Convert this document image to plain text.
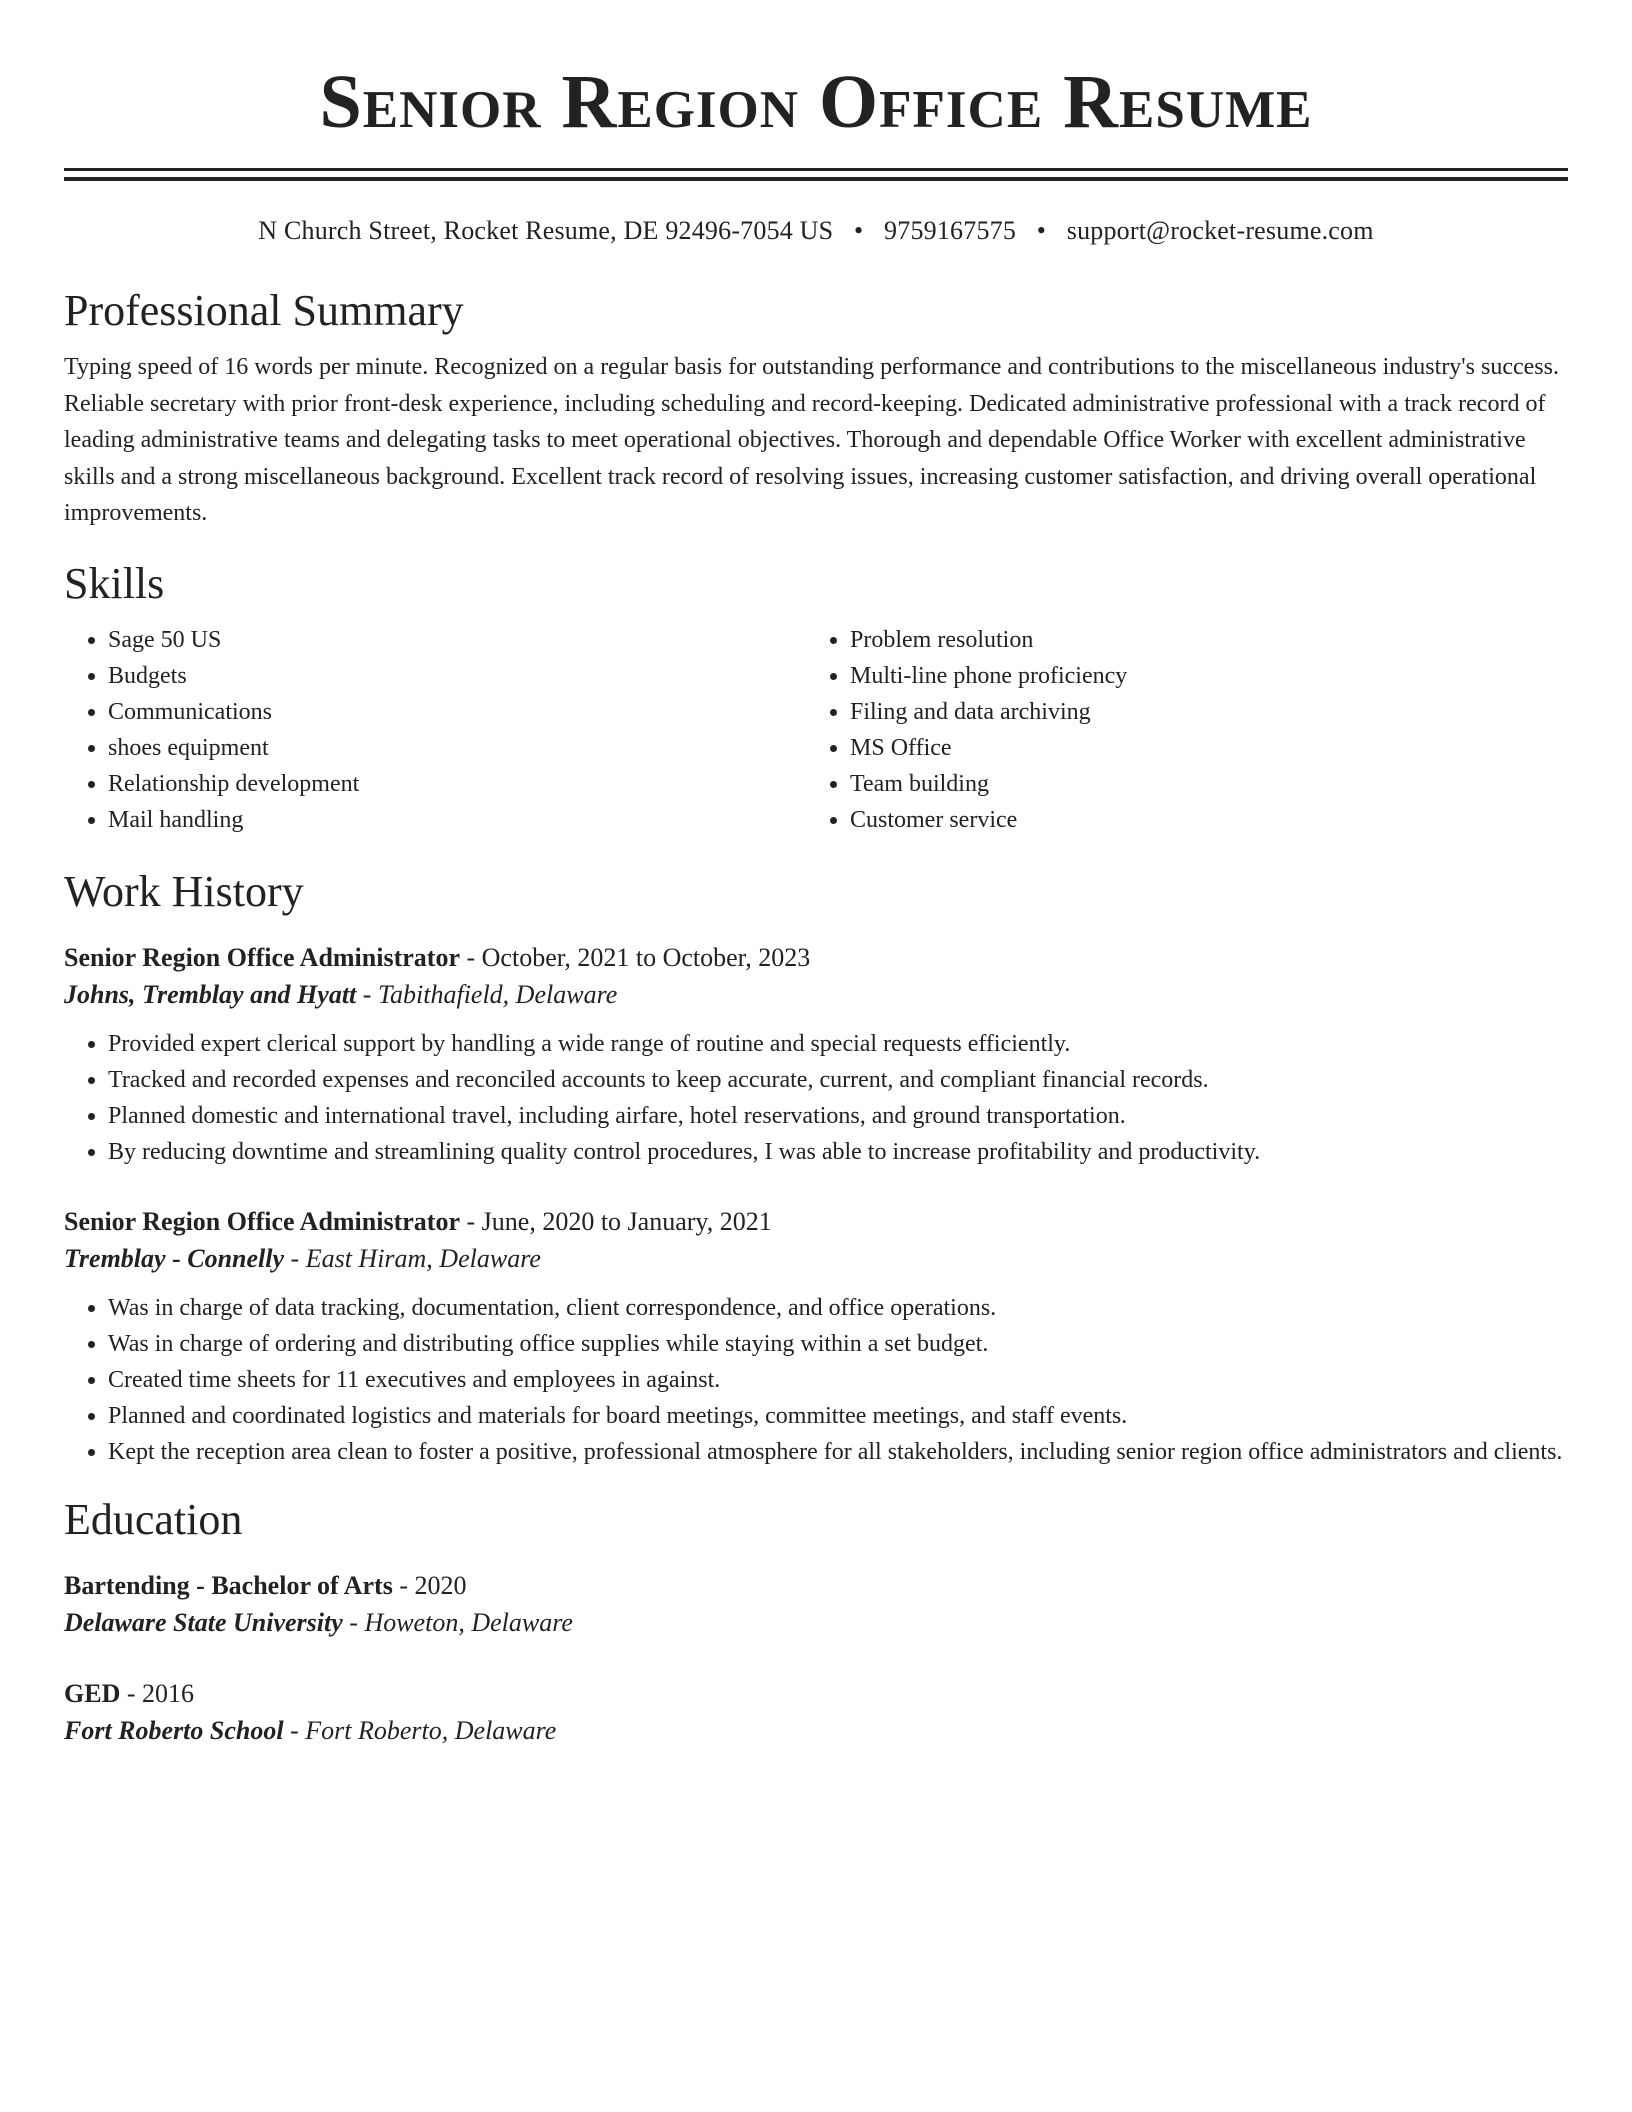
Senior Region Office Resume
N Church Street, Rocket Resume, DE 92496-7054 US • 9759167575 • support@rocket-resume.com
Professional Summary

Typing speed of 16 words per minute. Recognized on a regular basis for outstanding performance and contributions to the miscellaneous industry's success. Reliable secretary with prior front-desk experience, including scheduling and record-keeping. Dedicated administrative professional with a track record of leading administrative teams and delegating tasks to meet operational objectives. Thorough and dependable Office Worker with excellent administrative skills and a strong miscellaneous background. Excellent track record of resolving issues, increasing customer satisfaction, and driving overall operational improvements.

Skills
• Sage 50 US
• Budgets
• Communications
• shoes equipment
• Relationship development
• Mail handling
• Problem resolution
• Multi-line phone proficiency
• Filing and data archiving
• MS Office
• Team building
• Customer service
Work History
Senior Region Office Administrator - October, 2021 to October, 2023
Johns, Tremblay and Hyatt - Tabithafield, Delaware
• Provided expert clerical support by handling a wide range of routine and special requests efficiently.
• Tracked and recorded expenses and reconciled accounts to keep accurate, current, and compliant financial records.
• Planned domestic and international travel, including airfare, hotel reservations, and ground transportation.
• By reducing downtime and streamlining quality control procedures, I was able to increase profitability and productivity.
Senior Region Office Administrator - June, 2020 to January, 2021
Tremblay - Connelly - East Hiram, Delaware
• Was in charge of data tracking, documentation, client correspondence, and office operations.
• Was in charge of ordering and distributing office supplies while staying within a set budget.
• Created time sheets for 11 executives and employees in against.
• Planned and coordinated logistics and materials for board meetings, committee meetings, and staff events.
• Kept the reception area clean to foster a positive, professional atmosphere for all stakeholders, including senior region office administrators and clients.
Education
Bartending - Bachelor of Arts - 2020
Delaware State University - Howeton, Delaware
GED - 2016
Fort Roberto School - Fort Roberto, Delaware
